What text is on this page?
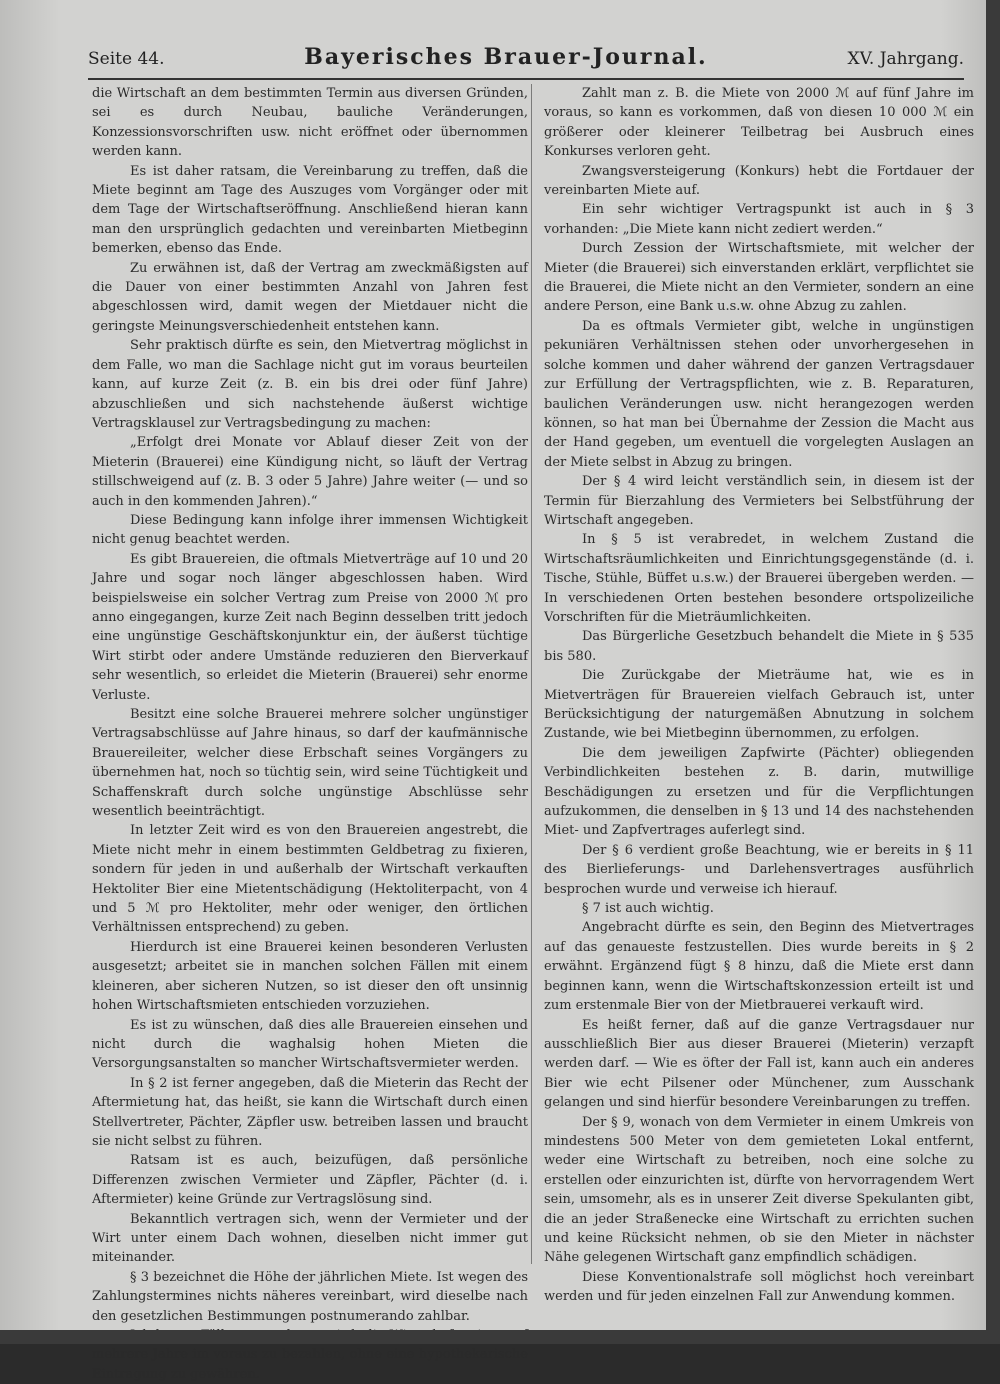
Seite 44.	Bayerisches Brauer-Journal.	XV. Jahrgang.

die Wirtschaft an dem bestimmten Termin aus diversen Gründen, sei es durch Neubau, bauliche Veränderungen, Konzessionsvorschriften usw. nicht eröffnet oder übernommen werden kann.

Es ist daher ratsam, die Vereinbarung zu treffen, daß die Miete beginnt am Tage des Auszuges vom Vorgänger oder mit dem Tage der Wirtschaftseröffnung. Anschließend hieran kann man den ursprünglich gedachten und vereinbarten Mietbeginn bemerken, ebenso das Ende.

Zu erwähnen ist, daß der Vertrag am zweckmäßigsten auf die Dauer von einer bestimmten Anzahl von Jahren fest abgeschlossen wird, damit wegen der Mietdauer nicht die geringste Meinungsverschiedenheit entstehen kann.

Sehr praktisch dürfte es sein, den Mietvertrag möglichst in dem Falle, wo man die Sachlage nicht gut im voraus beurteilen kann, auf kurze Zeit (z. B. ein bis drei oder fünf Jahre) abzuschließen und sich nachstehende äußerst wichtige Vertragsklausel zur Vertragsbedingung zu machen:

„Erfolgt drei Monate vor Ablauf dieser Zeit von der Mieterin (Brauerei) eine Kündigung nicht, so läuft der Vertrag stillschweigend auf (z. B. 3 oder 5 Jahre) Jahre weiter (— und so auch in den kommenden Jahren).“

Diese Bedingung kann infolge ihrer immensen Wichtigkeit nicht genug beachtet werden.

Es gibt Brauereien, die oftmals Mietverträge auf 10 und 20 Jahre und sogar noch länger abgeschlossen haben. Wird beispielsweise ein solcher Vertrag zum Preise von 2000 ℳ pro anno eingegangen, kurze Zeit nach Beginn desselben tritt jedoch eine ungünstige Geschäftskonjunktur ein, der äußerst tüchtige Wirt stirbt oder andere Umstände reduzieren den Bierverkauf sehr wesentlich, so erleidet die Mieterin (Brauerei) sehr enorme Verluste.

Besitzt eine solche Brauerei mehrere solcher ungünstiger Vertragsabschlüsse auf Jahre hinaus, so darf der kaufmännische Brauereileiter, welcher diese Erbschaft seines Vorgängers zu übernehmen hat, noch so tüchtig sein, wird seine Tüchtigkeit und Schaffenskraft durch solche ungünstige Abschlüsse sehr wesentlich beeinträchtigt.

In letzter Zeit wird es von den Brauereien angestrebt, die Miete nicht mehr in einem bestimmten Geldbetrag zu fixieren, sondern für jeden in und außerhalb der Wirtschaft verkauften Hektoliter Bier eine Mietentschädigung (Hektoliterpacht, von 4 und 5 ℳ pro Hektoliter, mehr oder weniger, den örtlichen Verhältnissen entsprechend) zu geben.

Hierdurch ist eine Brauerei keinen besonderen Verlusten ausgesetzt; arbeitet sie in manchen solchen Fällen mit einem kleineren, aber sicheren Nutzen, so ist dieser den oft unsinnig hohen Wirtschaftsmieten entschieden vorzuziehen.

Es ist zu wünschen, daß dies alle Brauereien einsehen und nicht durch die waghalsig hohen Mieten die Versorgungsanstalten so mancher Wirtschaftsvermieter werden.

In § 2 ist ferner angegeben, daß die Mieterin das Recht der Aftermietung hat, das heißt, sie kann die Wirtschaft durch einen Stellvertreter, Pächter, Zäpfler usw. betreiben lassen und braucht sie nicht selbst zu führen.

Ratsam ist es auch, beizufügen, daß persönliche Differenzen zwischen Vermieter und Zäpfler, Pächter (d. i. Aftermieter) keine Gründe zur Vertragslösung sind.

Bekanntlich vertragen sich, wenn der Vermieter und der Wirt unter einem Dach wohnen, dieselben nicht immer gut miteinander.

§ 3 bezeichnet die Höhe der jährlichen Miete. Ist wegen des Zahlungstermines nichts näheres vereinbart, wird dieselbe nach den gesetzlichen Bestimmungen postnumerando zahlbar.

mehrere Jahre im voraus zu bezahlen, ohne eine hypothekarische Eintragung zu gewähren.

Zahlt man z. B. die Miete von 2000 ℳ auf fünf Jahre im voraus, so kann es vorkommen, daß von diesen 10 000 ℳ ein größerer oder kleinerer Teilbetrag bei Ausbruch eines Konkurses verloren geht.

Zwangsversteigerung (Konkurs) hebt die Fortdauer der vereinbarten Miete auf.

Ein sehr wichtiger Vertragspunkt ist auch in § 3 vorhanden: „Die Miete kann nicht zediert werden.“

Durch Zession der Wirtschaftsmiete, mit welcher der Mieter (die Brauerei) sich einverstanden erklärt, verpflichtet sie die Brauerei, die Miete nicht an den Vermieter, sondern an eine andere Person, eine Bank u.s.w. ohne Abzug zu zahlen.

Da es oftmals Vermieter gibt, welche in ungünstigen pekuniären Verhältnissen stehen oder unvorhergesehen in solche kommen und daher während der ganzen Vertragsdauer zur Erfüllung der Vertragspflichten, wie z. B. Reparaturen, baulichen Veränderungen usw. nicht herangezogen werden können, so hat man bei Übernahme der Zession die Macht aus der Hand gegeben, um eventuell die vorgelegten Auslagen an der Miete selbst in Abzug zu bringen.

Der § 4 wird leicht verständlich sein, in diesem ist der Termin für Bierzahlung des Vermieters bei Selbstführung der Wirtschaft angegeben.

In § 5 ist verabredet, in welchem Zustand die Wirtschaftsräumlichkeiten und Einrichtungsgegenstände (d. i. Tische, Stühle, Büffet u.s.w.) der Brauerei übergeben werden. — In verschiedenen Orten bestehen besondere ortspolizeiliche Vorschriften für die Mieträumlichkeiten.

Das Bürgerliche Gesetzbuch behandelt die Miete in § 535 bis 580.

Die Zurückgabe der Mieträume hat, wie es in Mietverträgen für Brauereien vielfach Gebrauch ist, unter Berücksichtigung der naturgemäßen Abnutzung in solchem Zustande, wie bei Mietbeginn übernommen, zu erfolgen.

Die dem jeweiligen Zapfwirte (Pächter) obliegenden Verbindlichkeiten bestehen z. B. darin, mutwillige Beschädigungen zu ersetzen und für die Verpflichtungen aufzukommen, die denselben in § 13 und 14 des nachstehenden Miet- und Zapfvertrages auferlegt sind.

Der § 6 verdient große Beachtung, wie er bereits in § 11 des Bierlieferungs- und Darlehensvertrages ausführlich besprochen wurde und verweise ich hierauf.

§ 7 ist auch wichtig.

Angebracht dürfte es sein, den Beginn des Mietvertrages auf das genaueste festzustellen. Dies wurde bereits in § 2 erwähnt. Ergänzend fügt § 8 hinzu, daß die Miete erst dann beginnen kann, wenn die Wirtschaftskonzession erteilt ist und zum erstenmale Bier von der Mietbrauerei verkauft wird.

Es heißt ferner, daß auf die ganze Vertragsdauer nur ausschließlich Bier aus dieser Brauerei (Mieterin) verzapft werden darf. — Wie es öfter der Fall ist, kann auch ein anderes Bier wie echt Pilsener oder Münchener, zum Ausschank gelangen und sind hierfür besondere Vereinbarungen zu treffen.

Der § 9, wonach von dem Vermieter in einem Umkreis von mindestens 500 Meter von dem gemieteten Lokal entfernt, weder eine Wirtschaft zu betreiben, noch eine solche zu erstellen oder einzurichten ist, dürfte von hervorragendem Wert sein, umsomehr, als es in unserer Zeit diverse Spekulanten gibt, die an jeder Straßenecke eine Wirtschaft zu errichten suchen und keine Rücksicht nehmen, ob sie den Mieter in nächster Nähe gelegenen Wirtschaft ganz empfindlich schädigen.

Diese Konventionalstrafe soll möglichst hoch vereinbart werden und für jeden einzelnen Fall zur Anwendung kommen.
